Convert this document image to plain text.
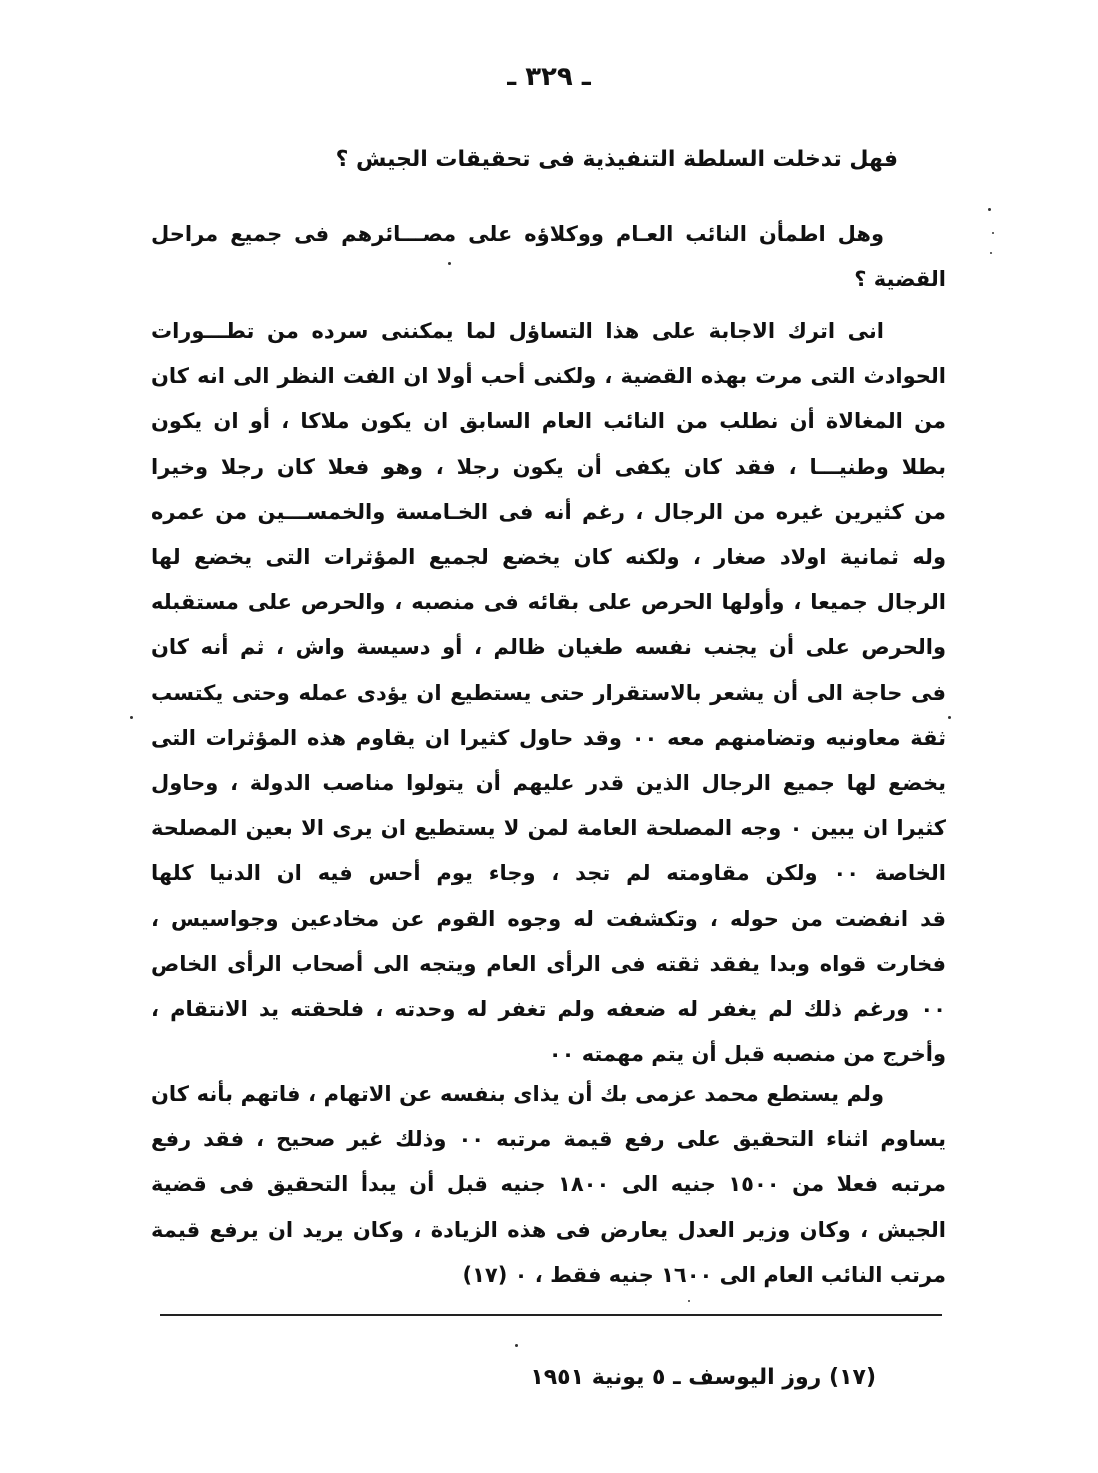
ـ ٣٢٩ ـ
فهل تدخلت السلطة التنفيذية فى تحقيقات الجيش ؟
وهل اطمأن النائب العـام ووكلاؤه على مصـــائرهم فى جميع مراحل
القضية ؟
انى اترك الاجابة على هذا التساؤل لما يمكننى سرده من تطـــورات
الحوادث التى مرت بهذه القضية ، ولكنى أحب أولا ان الفت النظر الى انه كان
من المغالاة أن نطلب من النائب العام السابق ان يكون ملاكا ، أو ان يكون
بطلا وطنيـــا ، فقد كان يكفى أن يكون رجلا ، وهو فعلا كان رجلا وخيرا
من كثيرين غيره من الرجال ، رغم أنه فى الخـامسة والخمســـين من عمره
وله ثمانية اولاد صغار ، ولكنه كان يخضع لجميع المؤثرات التى يخضع لها
الرجال جميعا ، وأولها الحرص على بقائه فى منصبه ، والحرص على مستقبله
والحرص على أن يجنب نفسه طغيان ظالم ، أو دسيسة واش ، ثم أنه كان
فى حاجة الى أن يشعر بالاستقرار حتى يستطيع ان يؤدى عمله وحتى يكتسب
ثقة معاونيه وتضامنهم معه ٠٠ وقد حاول كثيرا ان يقاوم هذه المؤثرات التى
يخضع لها جميع الرجال الذين قدر عليهم أن يتولوا مناصب الدولة ، وحاول
كثيرا ان يبين ٠ وجه المصلحة العامة لمن لا يستطيع ان يرى الا بعين المصلحة
الخاصة ٠٠ ولكن مقاومته لم تجد ، وجاء يوم أحس فيه ان الدنيا كلها
قد انفضت من حوله ، وتكشفت له وجوه القوم عن مخادعين وجواسيس ،
فخارت قواه وبدا يفقد ثقته فى الرأى العام ويتجه الى أصحاب الرأى الخاص
٠٠ ورغم ذلك لم يغفر له ضعفه ولم تغفر له وحدته ، فلحقته يد الانتقام ،
وأخرج من منصبه قبل أن يتم مهمته ٠٠
ولم يستطع محمد عزمى بك أن يذاى بنفسه عن الاتهام ، فاتهم بأنه كان
يساوم اثناء التحقيق على رفع قيمة مرتبه ٠٠ وذلك غير صحيح ، فقد رفع
مرتبه فعلا من ١٥٠٠ جنيه الى ١٨٠٠ جنيه قبل أن يبدأ التحقيق فى قضية
الجيش ، وكان وزير العدل يعارض فى هذه الزيادة ، وكان يريد ان يرفع قيمة
مرتب النائب العام الى ١٦٠٠ جنيه فقط ، ٠ (١٧)
(١٧) روز اليوسف ـ ٥ يونية ١٩٥١
